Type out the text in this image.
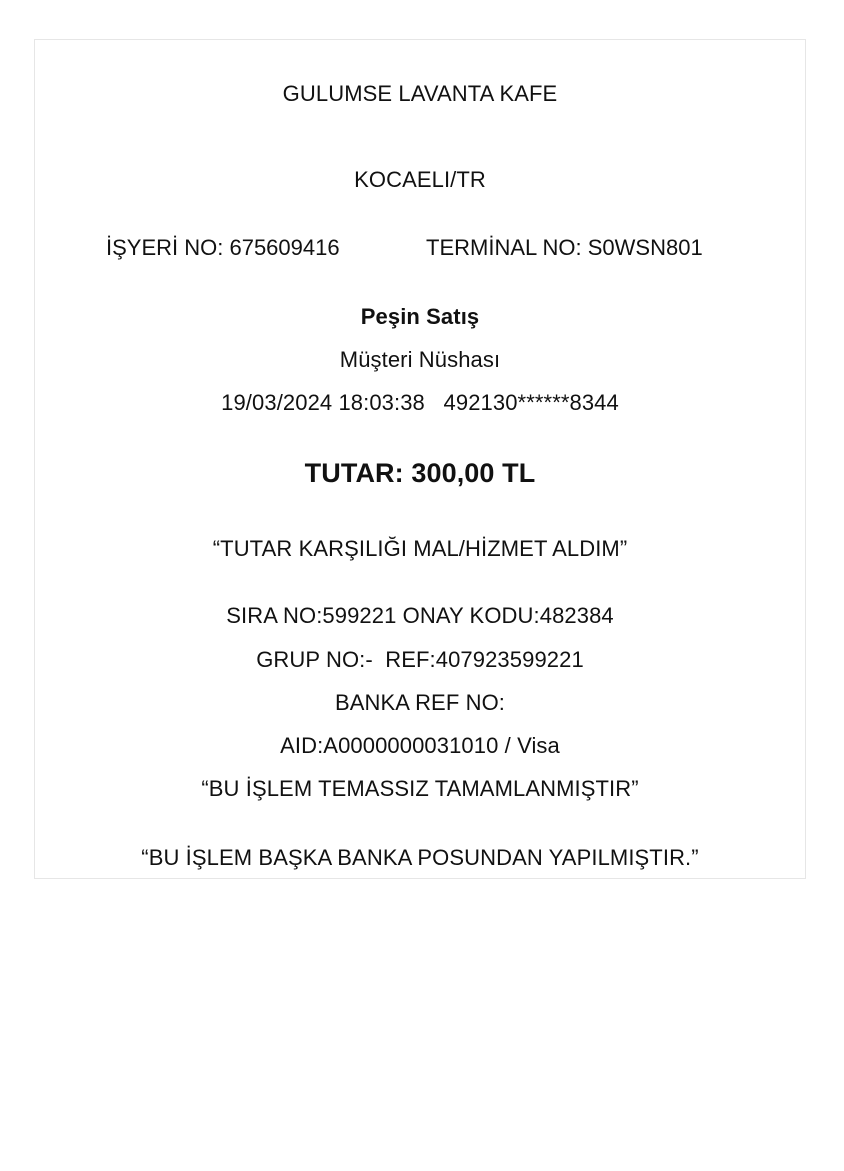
GULUMSE LAVANTA KAFE
KOCAELI/TR
İŞYERİ NO: 675609416	TERMİNAL NO: S0WSN801
Peşin Satış
Müşteri Nüshası
19/03/2024 18:03:38   492130******8344
TUTAR: 300,00 TL
“TUTAR KARŞILIĞI MAL/HİZMET ALDIM”
SIRA NO:599221 ONAY KODU:482384
GRUP NO:-  REF:407923599221
BANKA REF NO:
AID:A0000000031010 / Visa
“BU İŞLEM TEMASSIZ TAMAMLANMIŞTIR”
“BU İŞLEM BAŞKA BANKA POSUNDAN YAPILMIŞTIR.”
